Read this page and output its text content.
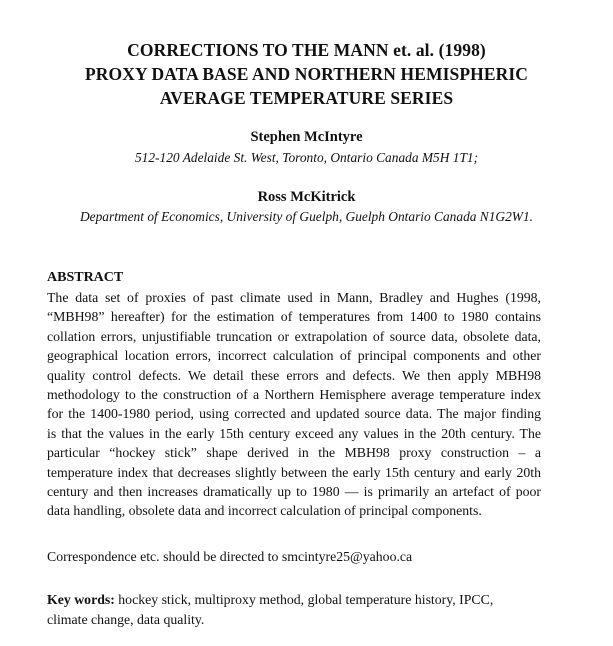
CORRECTIONS TO THE MANN et. al. (1998)
PROXY DATA BASE AND NORTHERN HEMISPHERIC
AVERAGE TEMPERATURE SERIES
Stephen McIntyre
512-120 Adelaide St. West, Toronto, Ontario Canada M5H 1T1;
Ross McKitrick
Department of Economics, University of Guelph, Guelph Ontario Canada N1G2W1.
ABSTRACT
The data set of proxies of past climate used in Mann, Bradley and Hughes (1998,
“MBH98” hereafter) for the estimation of temperatures from 1400 to 1980 contains
collation errors, unjustifiable truncation or extrapolation of source data, obsolete data,
geographical location errors, incorrect calculation of principal components and other
quality control defects. We detail these errors and defects. We then apply MBH98
methodology to the construction of a Northern Hemisphere average temperature index
for the 1400-1980 period, using corrected and updated source data. The major finding
is that the values in the early 15th century exceed any values in the 20th century. The
particular “hockey stick” shape derived in the MBH98 proxy construction – a
temperature index that decreases slightly between the early 15th century and early 20th
century and then increases dramatically up to 1980 — is primarily an artefact of poor
data handling, obsolete data and incorrect calculation of principal components.
Correspondence etc. should be directed to smcintyre25@yahoo.ca
Key words: hockey stick, multiproxy method, global temperature history, IPCC,
climate change, data quality.
